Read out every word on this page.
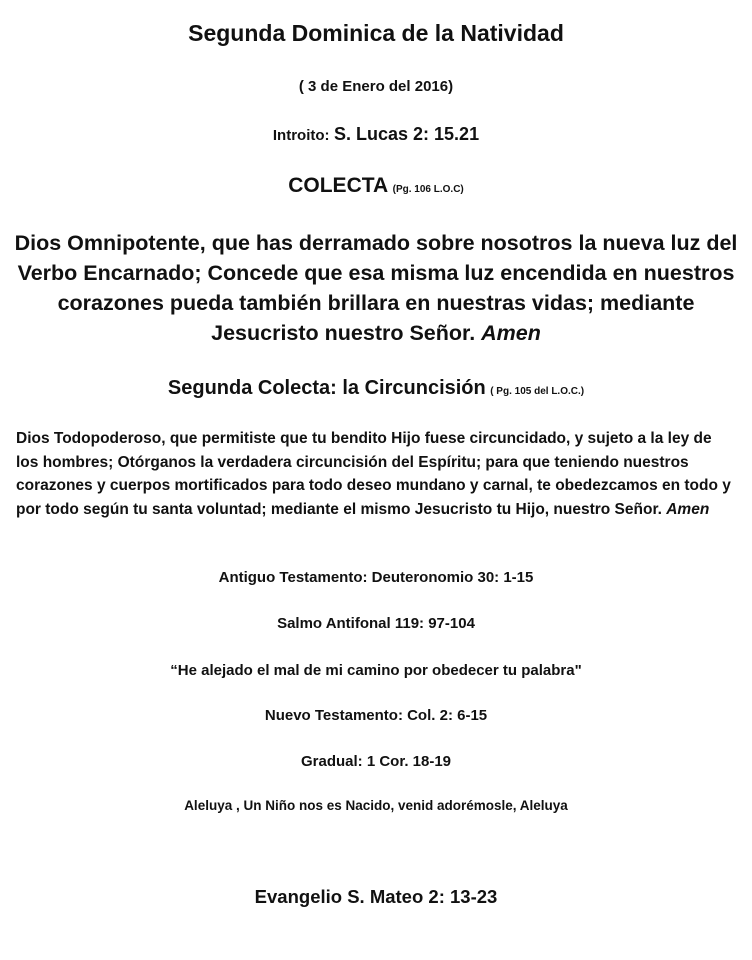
Segunda Dominica de la Natividad
( 3 de Enero del 2016)
Introito: S. Lucas 2: 15.21
COLECTA (Pg. 106 L.O.C)
Dios Omnipotente, que has derramado sobre nosotros la nueva luz del Verbo Encarnado; Concede que esa misma luz encendida en nuestros corazones pueda también brillara en nuestras vidas; mediante Jesucristo nuestro Señor. Amen
Segunda Colecta: la Circuncisión ( Pg. 105 del L.O.C.)
Dios Todopoderoso, que permitiste que tu bendito Hijo fuese circuncidado, y sujeto a la ley de los hombres; Otórganos la verdadera circuncisión del Espíritu; para que teniendo nuestros corazones y cuerpos mortificados para todo deseo mundano y carnal, te obedezcamos en todo y por todo según tu santa voluntad; mediante el mismo Jesucristo tu Hijo, nuestro Señor. Amen
Antiguo Testamento: Deuteronomio 30: 1-15
Salmo Antifonal 119: 97-104
“He alejado el mal de mi camino por obedecer tu palabra"
Nuevo Testamento: Col. 2: 6-15
Gradual: 1 Cor. 18-19
Aleluya , Un Niño nos es Nacido, venid adorémosle, Aleluya
Evangelio S. Mateo 2: 13-23
